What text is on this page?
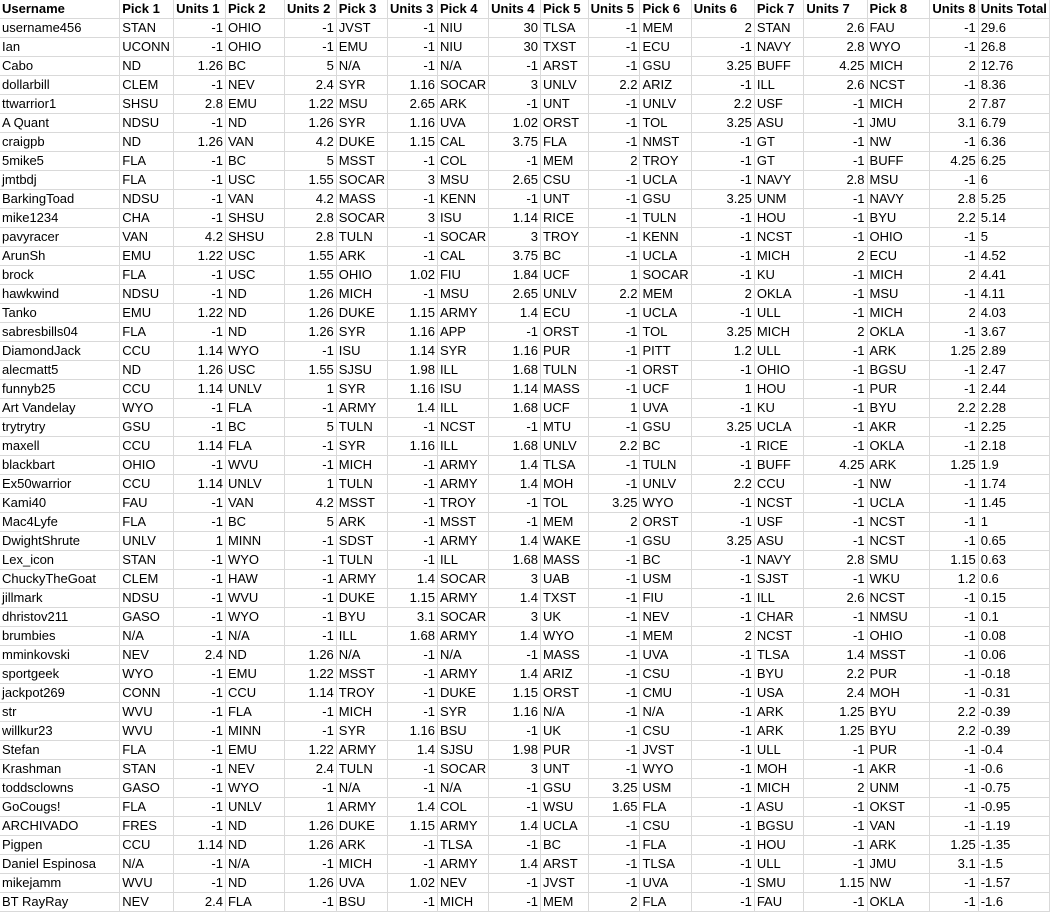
Username	Pick 1	Units 1	Pick 2	Units 2	Pick 3	Units 3	Pick 4	Units 4	Pick 5	Units 5	Pick 6	Units 6	Pick 7	Units 7	Pick 8	Units 8	Units Total
username456	STAN	-1	OHIO	-1	JVST	-1	NIU	30	TLSA	-1	MEM	2	STAN	2.6	FAU	-1	29.6
Ian	UCONN	-1	OHIO	-1	EMU	-1	NIU	30	TXST	-1	ECU	-1	NAVY	2.8	WYO	-1	26.8
Cabo	ND	1.26	BC	5	N/A	-1	N/A	-1	ARST	-1	GSU	3.25	BUFF	4.25	MICH	2	12.76
dollarbill	CLEM	-1	NEV	2.4	SYR	1.16	SOCAR	3	UNLV	2.2	ARIZ	-1	ILL	2.6	NCST	-1	8.36
ttwarrior1	SHSU	2.8	EMU	1.22	MSU	2.65	ARK	-1	UNT	-1	UNLV	2.2	USF	-1	MICH	2	7.87
A Quant	NDSU	-1	ND	1.26	SYR	1.16	UVA	1.02	ORST	-1	TOL	3.25	ASU	-1	JMU	3.1	6.79
craigpb	ND	1.26	VAN	4.2	DUKE	1.15	CAL	3.75	FLA	-1	NMST	-1	GT	-1	NW	-1	6.36
5mike5	FLA	-1	BC	5	MSST	-1	COL	-1	MEM	2	TROY	-1	GT	-1	BUFF	4.25	6.25
jmtbdj	FLA	-1	USC	1.55	SOCAR	3	MSU	2.65	CSU	-1	UCLA	-1	NAVY	2.8	MSU	-1	6
BarkingToad	NDSU	-1	VAN	4.2	MASS	-1	KENN	-1	UNT	-1	GSU	3.25	UNM	-1	NAVY	2.8	5.25
mike1234	CHA	-1	SHSU	2.8	SOCAR	3	ISU	1.14	RICE	-1	TULN	-1	HOU	-1	BYU	2.2	5.14
pavyracer	VAN	4.2	SHSU	2.8	TULN	-1	SOCAR	3	TROY	-1	KENN	-1	NCST	-1	OHIO	-1	5
ArunSh	EMU	1.22	USC	1.55	ARK	-1	CAL	3.75	BC	-1	UCLA	-1	MICH	2	ECU	-1	4.52
brock	FLA	-1	USC	1.55	OHIO	1.02	FIU	1.84	UCF	1	SOCAR	-1	KU	-1	MICH	2	4.41
hawkwind	NDSU	-1	ND	1.26	MICH	-1	MSU	2.65	UNLV	2.2	MEM	2	OKLA	-1	MSU	-1	4.11
Tanko	EMU	1.22	ND	1.26	DUKE	1.15	ARMY	1.4	ECU	-1	UCLA	-1	ULL	-1	MICH	2	4.03
sabresbills04	FLA	-1	ND	1.26	SYR	1.16	APP	-1	ORST	-1	TOL	3.25	MICH	2	OKLA	-1	3.67
DiamondJack	CCU	1.14	WYO	-1	ISU	1.14	SYR	1.16	PUR	-1	PITT	1.2	ULL	-1	ARK	1.25	2.89
alecmatt5	ND	1.26	USC	1.55	SJSU	1.98	ILL	1.68	TULN	-1	ORST	-1	OHIO	-1	BGSU	-1	2.47
funnyb25	CCU	1.14	UNLV	1	SYR	1.16	ISU	1.14	MASS	-1	UCF	1	HOU	-1	PUR	-1	2.44
Art Vandelay	WYO	-1	FLA	-1	ARMY	1.4	ILL	1.68	UCF	1	UVA	-1	KU	-1	BYU	2.2	2.28
trytrytry	GSU	-1	BC	5	TULN	-1	NCST	-1	MTU	-1	GSU	3.25	UCLA	-1	AKR	-1	2.25
maxell	CCU	1.14	FLA	-1	SYR	1.16	ILL	1.68	UNLV	2.2	BC	-1	RICE	-1	OKLA	-1	2.18
blackbart	OHIO	-1	WVU	-1	MICH	-1	ARMY	1.4	TLSA	-1	TULN	-1	BUFF	4.25	ARK	1.25	1.9
Ex50warrior	CCU	1.14	UNLV	1	TULN	-1	ARMY	1.4	MOH	-1	UNLV	2.2	CCU	-1	NW	-1	1.74
Kami40	FAU	-1	VAN	4.2	MSST	-1	TROY	-1	TOL	3.25	WYO	-1	NCST	-1	UCLA	-1	1.45
Mac4Lyfe	FLA	-1	BC	5	ARK	-1	MSST	-1	MEM	2	ORST	-1	USF	-1	NCST	-1	1
DwightShrute	UNLV	1	MINN	-1	SDST	-1	ARMY	1.4	WAKE	-1	GSU	3.25	ASU	-1	NCST	-1	0.65
Lex_icon	STAN	-1	WYO	-1	TULN	-1	ILL	1.68	MASS	-1	BC	-1	NAVY	2.8	SMU	1.15	0.63
ChuckyTheGoat	CLEM	-1	HAW	-1	ARMY	1.4	SOCAR	3	UAB	-1	USM	-1	SJST	-1	WKU	1.2	0.6
jillmark	NDSU	-1	WVU	-1	DUKE	1.15	ARMY	1.4	TXST	-1	FIU	-1	ILL	2.6	NCST	-1	0.15
dhristov211	GASO	-1	WYO	-1	BYU	3.1	SOCAR	3	UK	-1	NEV	-1	CHAR	-1	NMSU	-1	0.1
brumbies	N/A	-1	N/A	-1	ILL	1.68	ARMY	1.4	WYO	-1	MEM	2	NCST	-1	OHIO	-1	0.08
mminkovski	NEV	2.4	ND	1.26	N/A	-1	N/A	-1	MASS	-1	UVA	-1	TLSA	1.4	MSST	-1	0.06
sportgeek	WYO	-1	EMU	1.22	MSST	-1	ARMY	1.4	ARIZ	-1	CSU	-1	BYU	2.2	PUR	-1	-0.18
jackpot269	CONN	-1	CCU	1.14	TROY	-1	DUKE	1.15	ORST	-1	CMU	-1	USA	2.4	MOH	-1	-0.31
str	WVU	-1	FLA	-1	MICH	-1	SYR	1.16	N/A	-1	N/A	-1	ARK	1.25	BYU	2.2	-0.39
willkur23	WVU	-1	MINN	-1	SYR	1.16	BSU	-1	UK	-1	CSU	-1	ARK	1.25	BYU	2.2	-0.39
Stefan	FLA	-1	EMU	1.22	ARMY	1.4	SJSU	1.98	PUR	-1	JVST	-1	ULL	-1	PUR	-1	-0.4
Krashman	STAN	-1	NEV	2.4	TULN	-1	SOCAR	3	UNT	-1	WYO	-1	MOH	-1	AKR	-1	-0.6
toddsclowns	GASO	-1	WYO	-1	N/A	-1	N/A	-1	GSU	3.25	USM	-1	MICH	2	UNM	-1	-0.75
GoCougs!	FLA	-1	UNLV	1	ARMY	1.4	COL	-1	WSU	1.65	FLA	-1	ASU	-1	OKST	-1	-0.95
ARCHIVADO	FRES	-1	ND	1.26	DUKE	1.15	ARMY	1.4	UCLA	-1	CSU	-1	BGSU	-1	VAN	-1	-1.19
Pigpen	CCU	1.14	ND	1.26	ARK	-1	TLSA	-1	BC	-1	FLA	-1	HOU	-1	ARK	1.25	-1.35
Daniel Espinosa	N/A	-1	N/A	-1	MICH	-1	ARMY	1.4	ARST	-1	TLSA	-1	ULL	-1	JMU	3.1	-1.5
mikejamm	WVU	-1	ND	1.26	UVA	1.02	NEV	-1	JVST	-1	UVA	-1	SMU	1.15	NW	-1	-1.57
BT RayRay	NEV	2.4	FLA	-1	BSU	-1	MICH	-1	MEM	2	FLA	-1	FAU	-1	OKLA	-1	-1.6
